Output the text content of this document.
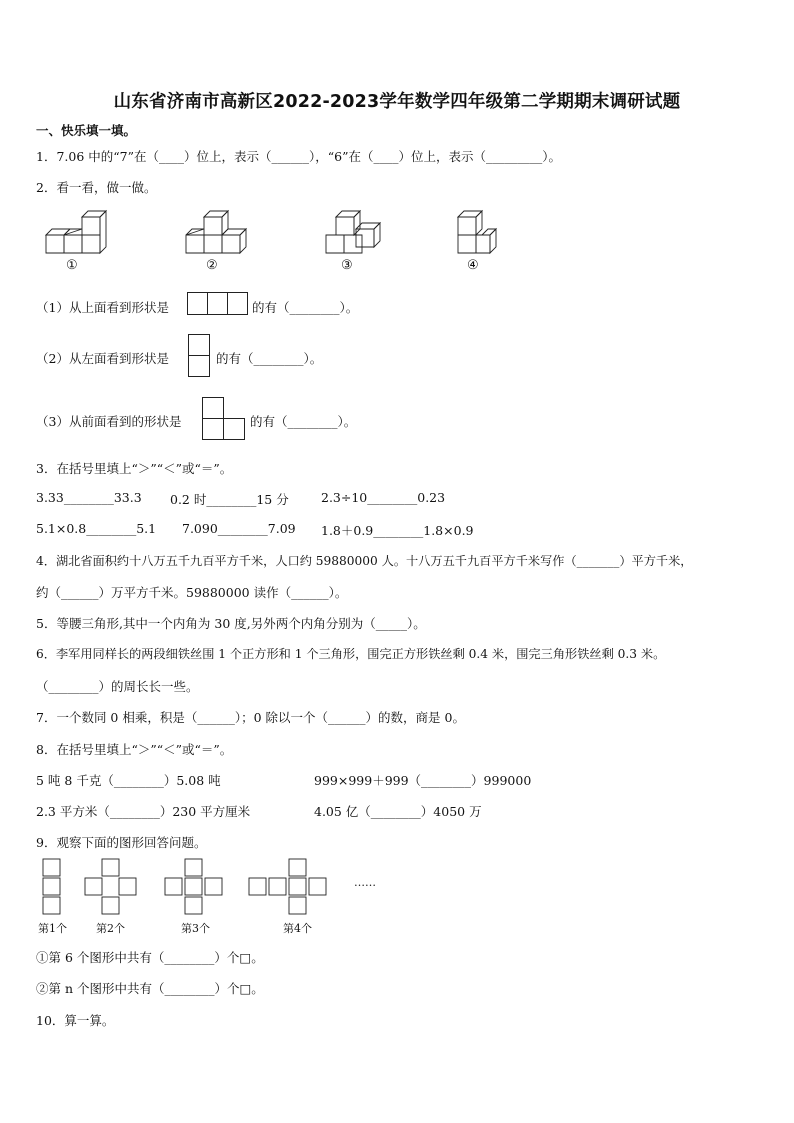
山东省济南市高新区2022-2023学年数学四年级第二学期期末调研试题
一、快乐填一填。
1．7.06 中的“7”在（____）位上，表示（______），“6”在（____）位上，表示（_________）。
2．看一看，做一做。
①	②	③	④
（1）从上面看到形状是	的有（________）。
（2）从左面看到形状是	的有（________）。
（3）从前面看到的形状是	的有（________）。
3．在括号里填上“＞”“＜”或“＝”。
3.33________33.3 0.2 时________15 分	2.3÷10________0.23
5.1×0.8________5.1 7.090________7.09 1.8＋0.9________1.8×0.9
4．湖北省面积约十八万五千九百平方千米，人口约 59880000 人。十八万五千九百平方千米写作（_______）平方千米，
约（______）万平方千米。59880000 读作（______）。
5．等腰三角形,其中一个内角为 30 度,另外两个内角分别为（_____）。
6．李军用同样长的两段细铁丝围 1 个正方形和 1 个三角形，围完正方形铁丝剩 0.4 米，围完三角形铁丝剩 0.3 米。
（________）的周长长一些。
7．一个数同 0 相乘，积是（______）；0 除以一个（______）的数，商是 0。
8．在括号里填上“＞”“＜”或“＝”。
5 吨 8 千克（________）5.08 吨	999×999＋999（________）999000
2.3 平方米（________）230 平方厘米	4.05 亿（________）4050 万
9．观察下面的图形回答问题。
……
第1个	第2个	第3个	第4个
①第 6 个图形中共有（________）个□。
②第 n 个图形中共有（________）个□。
10．算一算。
